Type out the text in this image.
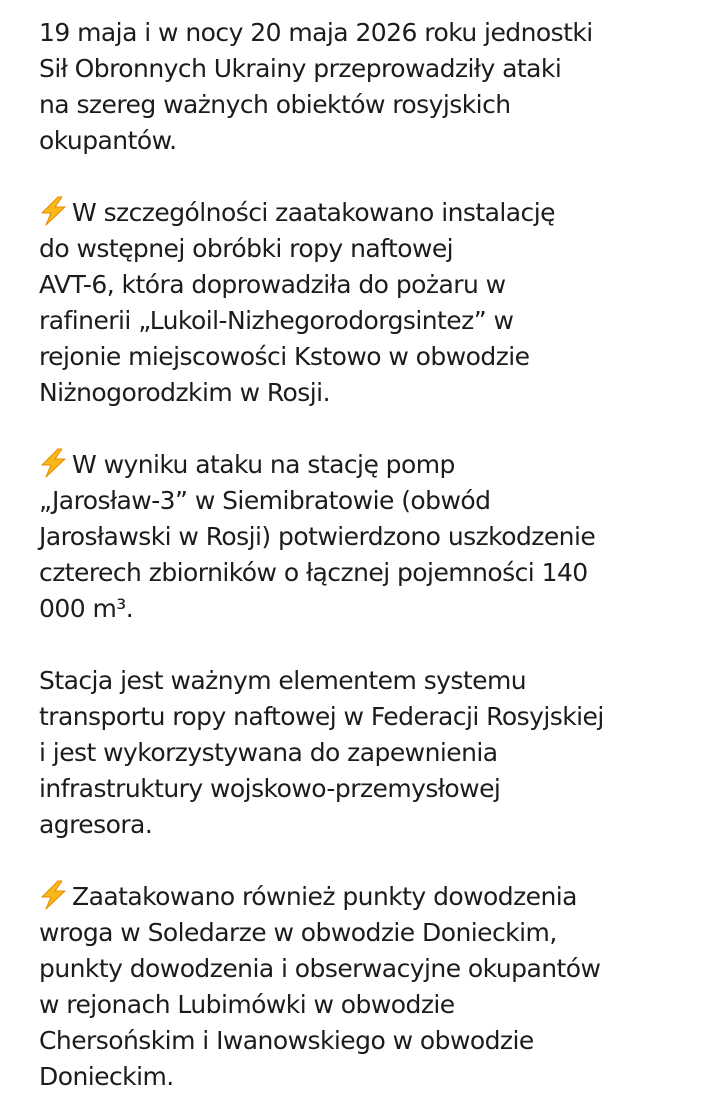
19 maja i w nocy 20 maja 2026 roku jednostki
Sił Obronnych Ukrainy przeprowadziły ataki
na szereg ważnych obiektów rosyjskich
okupantów.

W szczególności zaatakowano instalację
do wstępnej obróbki ropy naftowej
AVT-6, która doprowadziła do pożaru w
rafinerii „Lukoil-Nizhegorodorgsintez” w
rejonie miejscowości Kstowo w obwodzie
Niżnogorodzkim w Rosji.

W wyniku ataku na stację pomp
„Jarosław-3” w Siemibratowie (obwód
Jarosławski w Rosji) potwierdzono uszkodzenie
czterech zbiorników o łącznej pojemności 140
000 m³.

Stacja jest ważnym elementem systemu
transportu ropy naftowej w Federacji Rosyjskiej
i jest wykorzystywana do zapewnienia
infrastruktury wojskowo-przemysłowej
agresora.

Zaatakowano również punkty dowodzenia
wroga w Soledarze w obwodzie Donieckim,
punkty dowodzenia i obserwacyjne okupantów
w rejonach Lubimówki w obwodzie
Chersońskim i Iwanowskiego w obwodzie
Donieckim.
